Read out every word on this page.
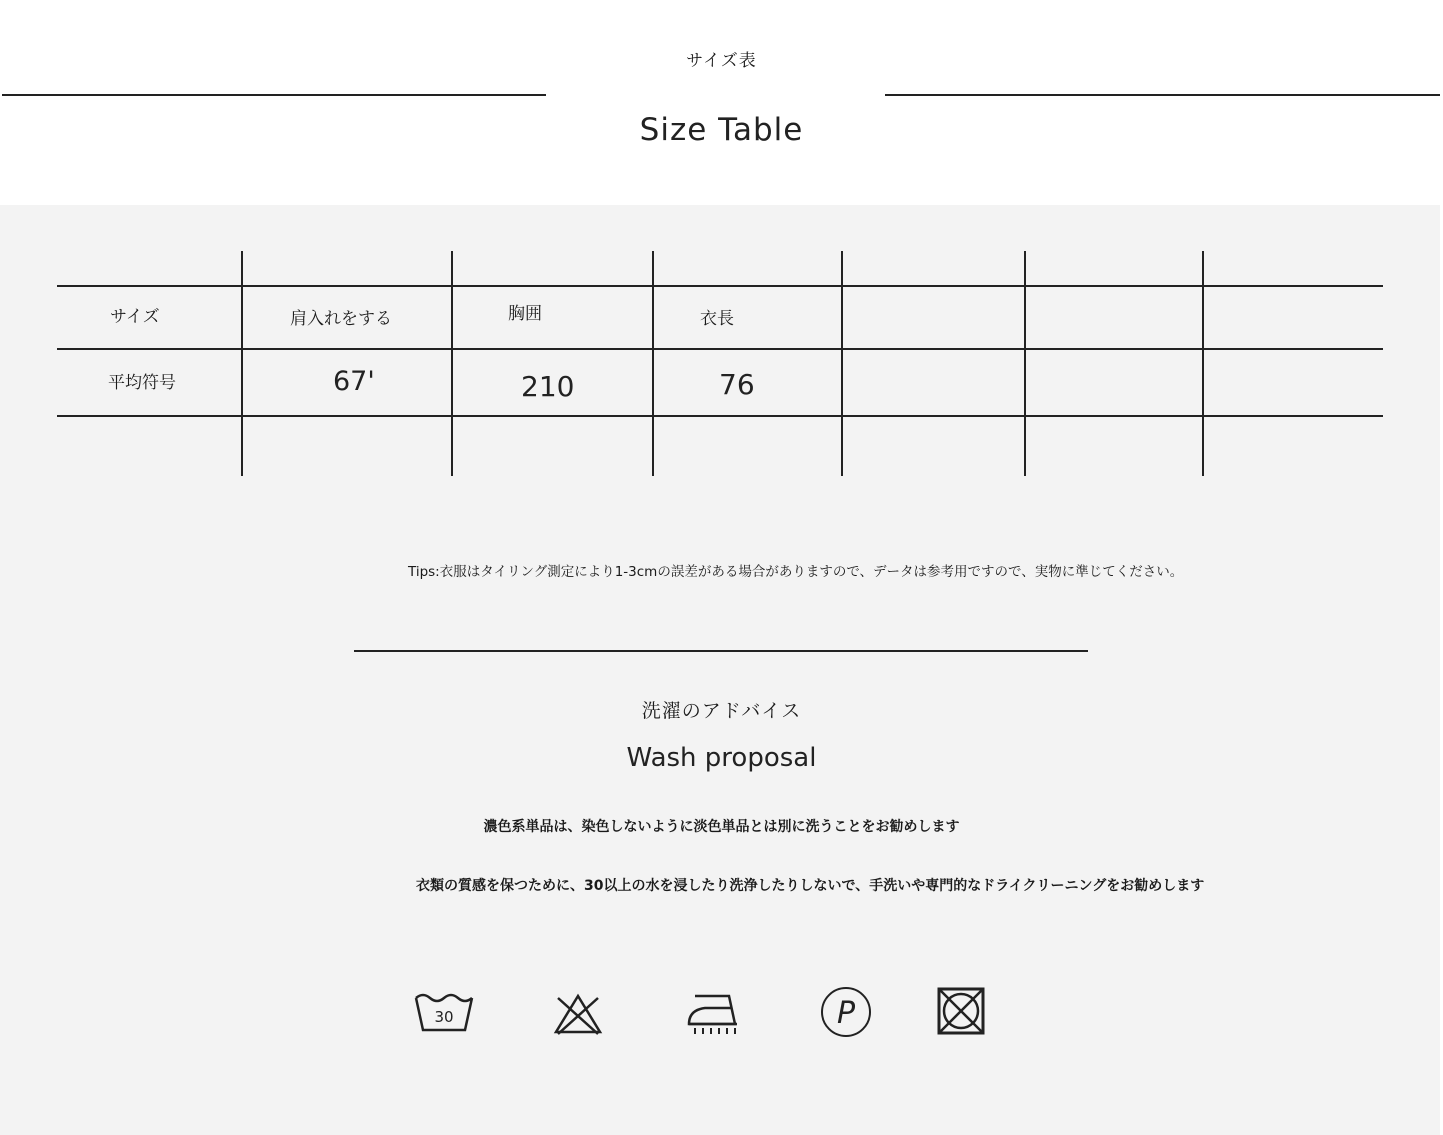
サイズ表
Size Table
サイズ	肩入れをする	胸囲	衣長
平均符号	67'	210	76
Tips:衣服はタイリング測定により1-3cmの誤差がある場合がありますので、データは参考用ですので、実物に準じてください。
洗濯のアドバイス
Wash proposal
濃色系単品は、染色しないように淡色単品とは別に洗うことをお勧めします
衣類の質感を保つために、30以上の水を浸したり洗浄したりしないで、手洗いや専門的なドライクリーニングをお勧めします
30	P
